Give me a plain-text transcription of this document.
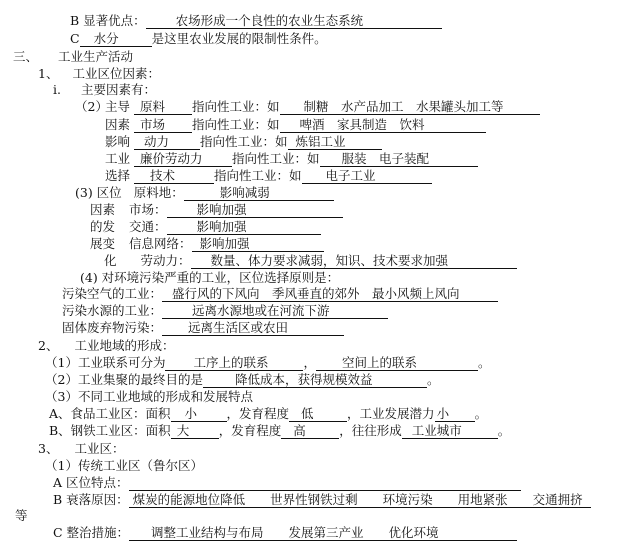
B 显著优点： 农场形成一个良性的农业生态系统
C 水分	是这里农业发展的限制性条件。
三、 工业生产活动
1、 工业区位因素：
i. 主要因素有：
（2）
主导 原料 指向性工业：如 制糖　水产品加工　水果罐头加工等
因素 市场 指向性工业：如 啤酒　家具制造　饮料
影响 动力 指向性工业：如 炼铝工业
工业 廉价劳动力 指向性工业：如 服装　电子装配
选择 技术	指向性工业：如 电子工业
(3) 区位 原料地：	影响减弱
因素 市场： 影响加强
的发 交通： 影响加强
展变 信息网络： 影响加强
化 劳动力： 数量、体力要求减弱，知识、技术要求加强
(4) 对环境污染严重的工业，区位选择原则是：
污染空气的工业： 盛行风的下风向　季风垂直的郊外　最小风频上风向
污染水源的工业： 远离水源地或在河流下游
固体废弃物污染： 远离生活区或农田
2、 工业地域的形成：
（1）工业联系可分为 工序上的联系	， 空间上的联系	。
（2）工业集聚的最终目的是	降低成本，获得规模效益	。
（3）不同工业地域的形成和发展特点
A、食品工业区：面积 小 ，发育程度 低	，工业发展潜力 小 。
B、钢铁工业区：面积 大 ，发育程度 高	，往往形成 工业城市	。
3、 工业区：
（1）传统工业区（鲁尔区）
A 区位特点：
B 衰落原因： 煤炭的能源地位降低　　世界性钢铁过剩　　环境污染　　用地紧张　　交通拥挤
等
C 整治措施： 调整工业结构与布局　　发展第三产业　　优化环境
